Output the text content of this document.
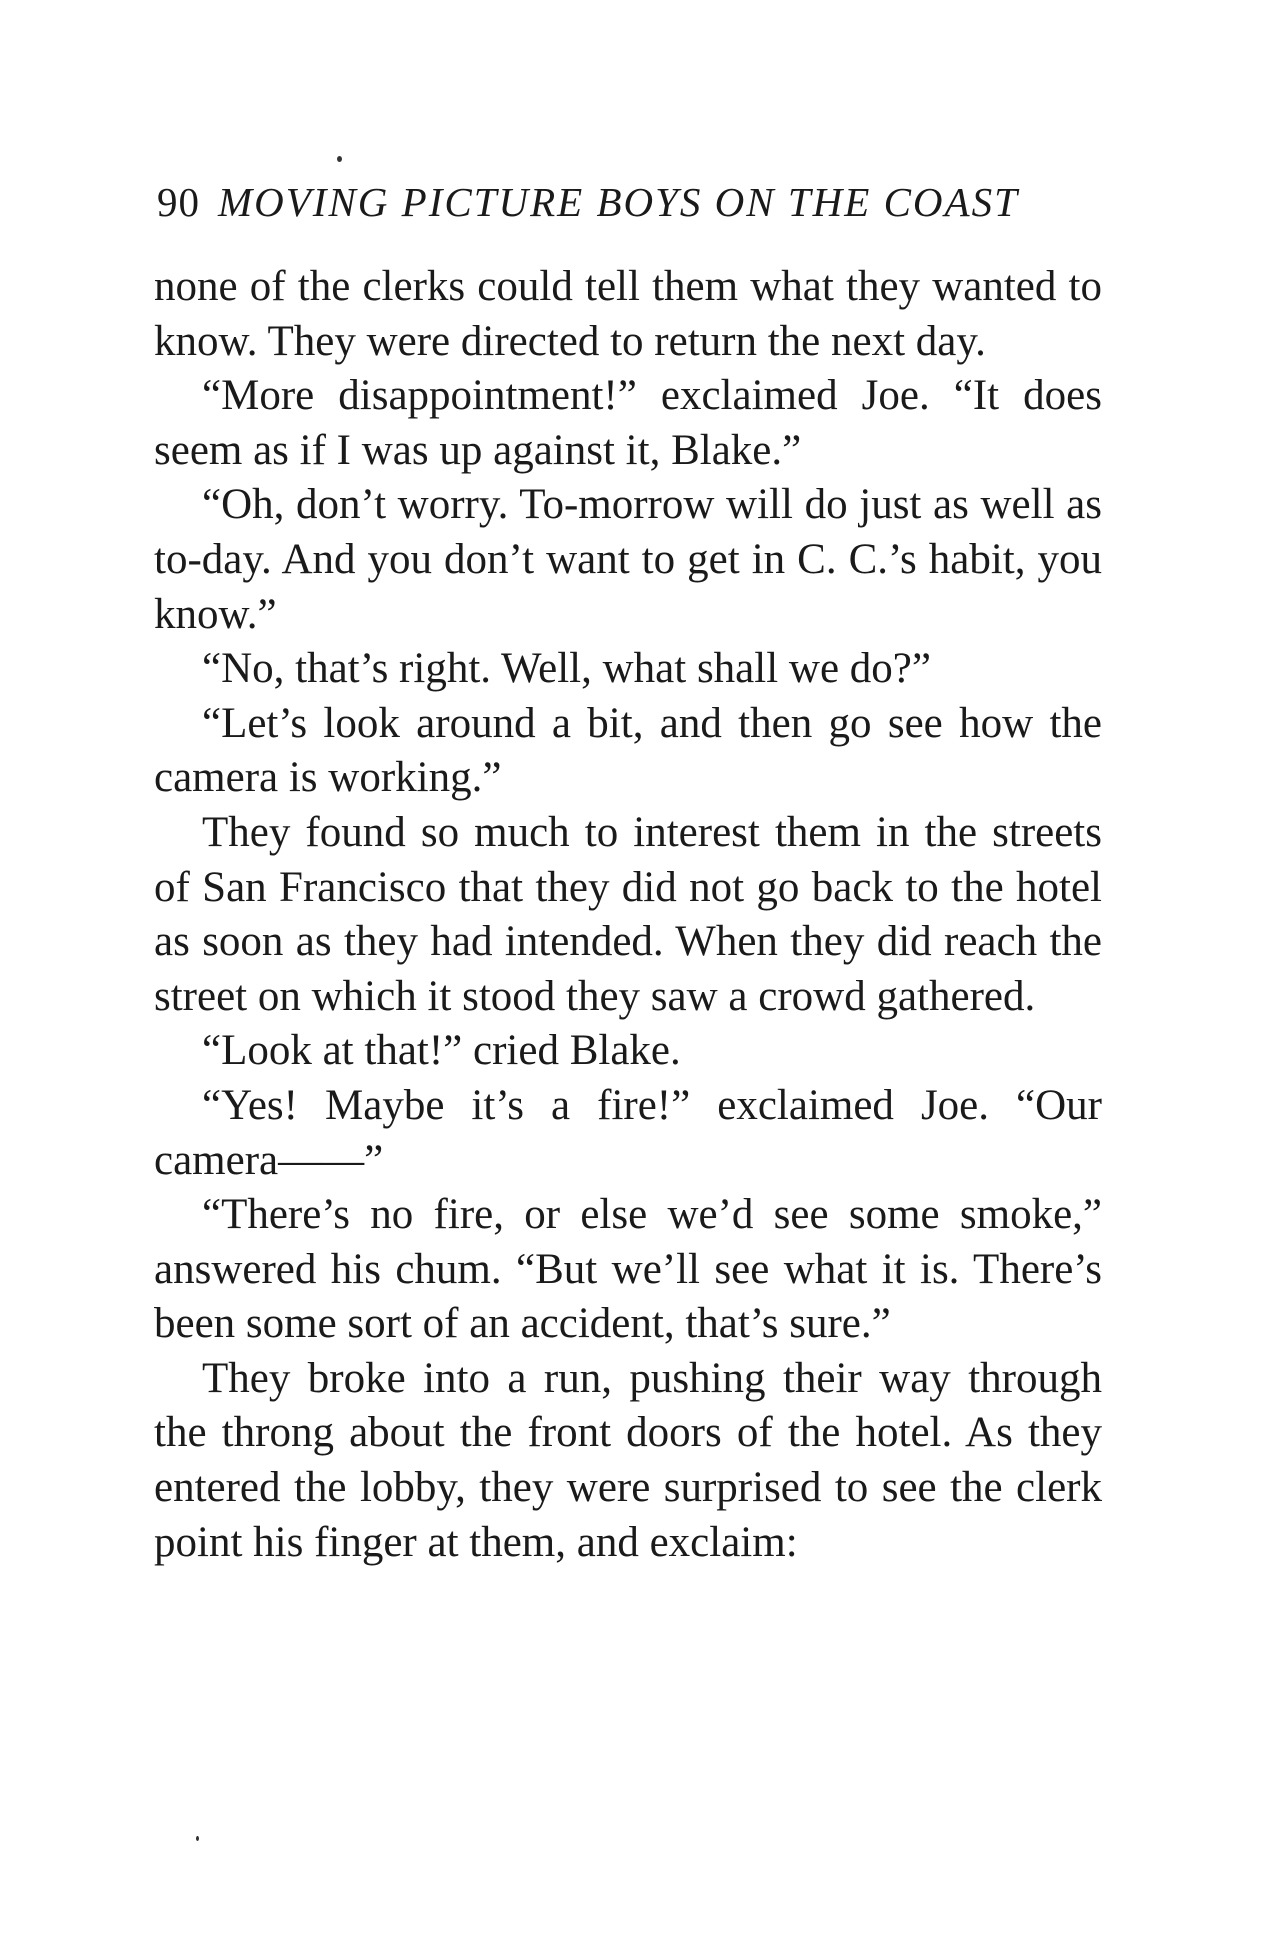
90 MOVING PICTURE BOYS ON THE COAST

none of the clerks could tell them what they wanted to know. They were directed to return the next day.

“More disappointment!” exclaimed Joe. “It does seem as if I was up against it, Blake.”

“Oh, don’t worry. To-morrow will do just as well as to-day. And you don’t want to get in C. C.’s habit, you know.”

“No, that’s right. Well, what shall we do?”

“Let’s look around a bit, and then go see how the camera is working.”

They found so much to interest them in the streets of San Francisco that they did not go back to the hotel as soon as they had intended. When they did reach the street on which it stood they saw a crowd gathered.

“Look at that!” cried Blake.

“Yes! Maybe it’s a fire!” exclaimed Joe. “Our camera——”

“There’s no fire, or else we’d see some smoke,” answered his chum. “But we’ll see what it is. There’s been some sort of an accident, that’s sure.”

They broke into a run, pushing their way through the throng about the front doors of the hotel. As they entered the lobby, they were surprised to see the clerk point his finger at them, and exclaim:
